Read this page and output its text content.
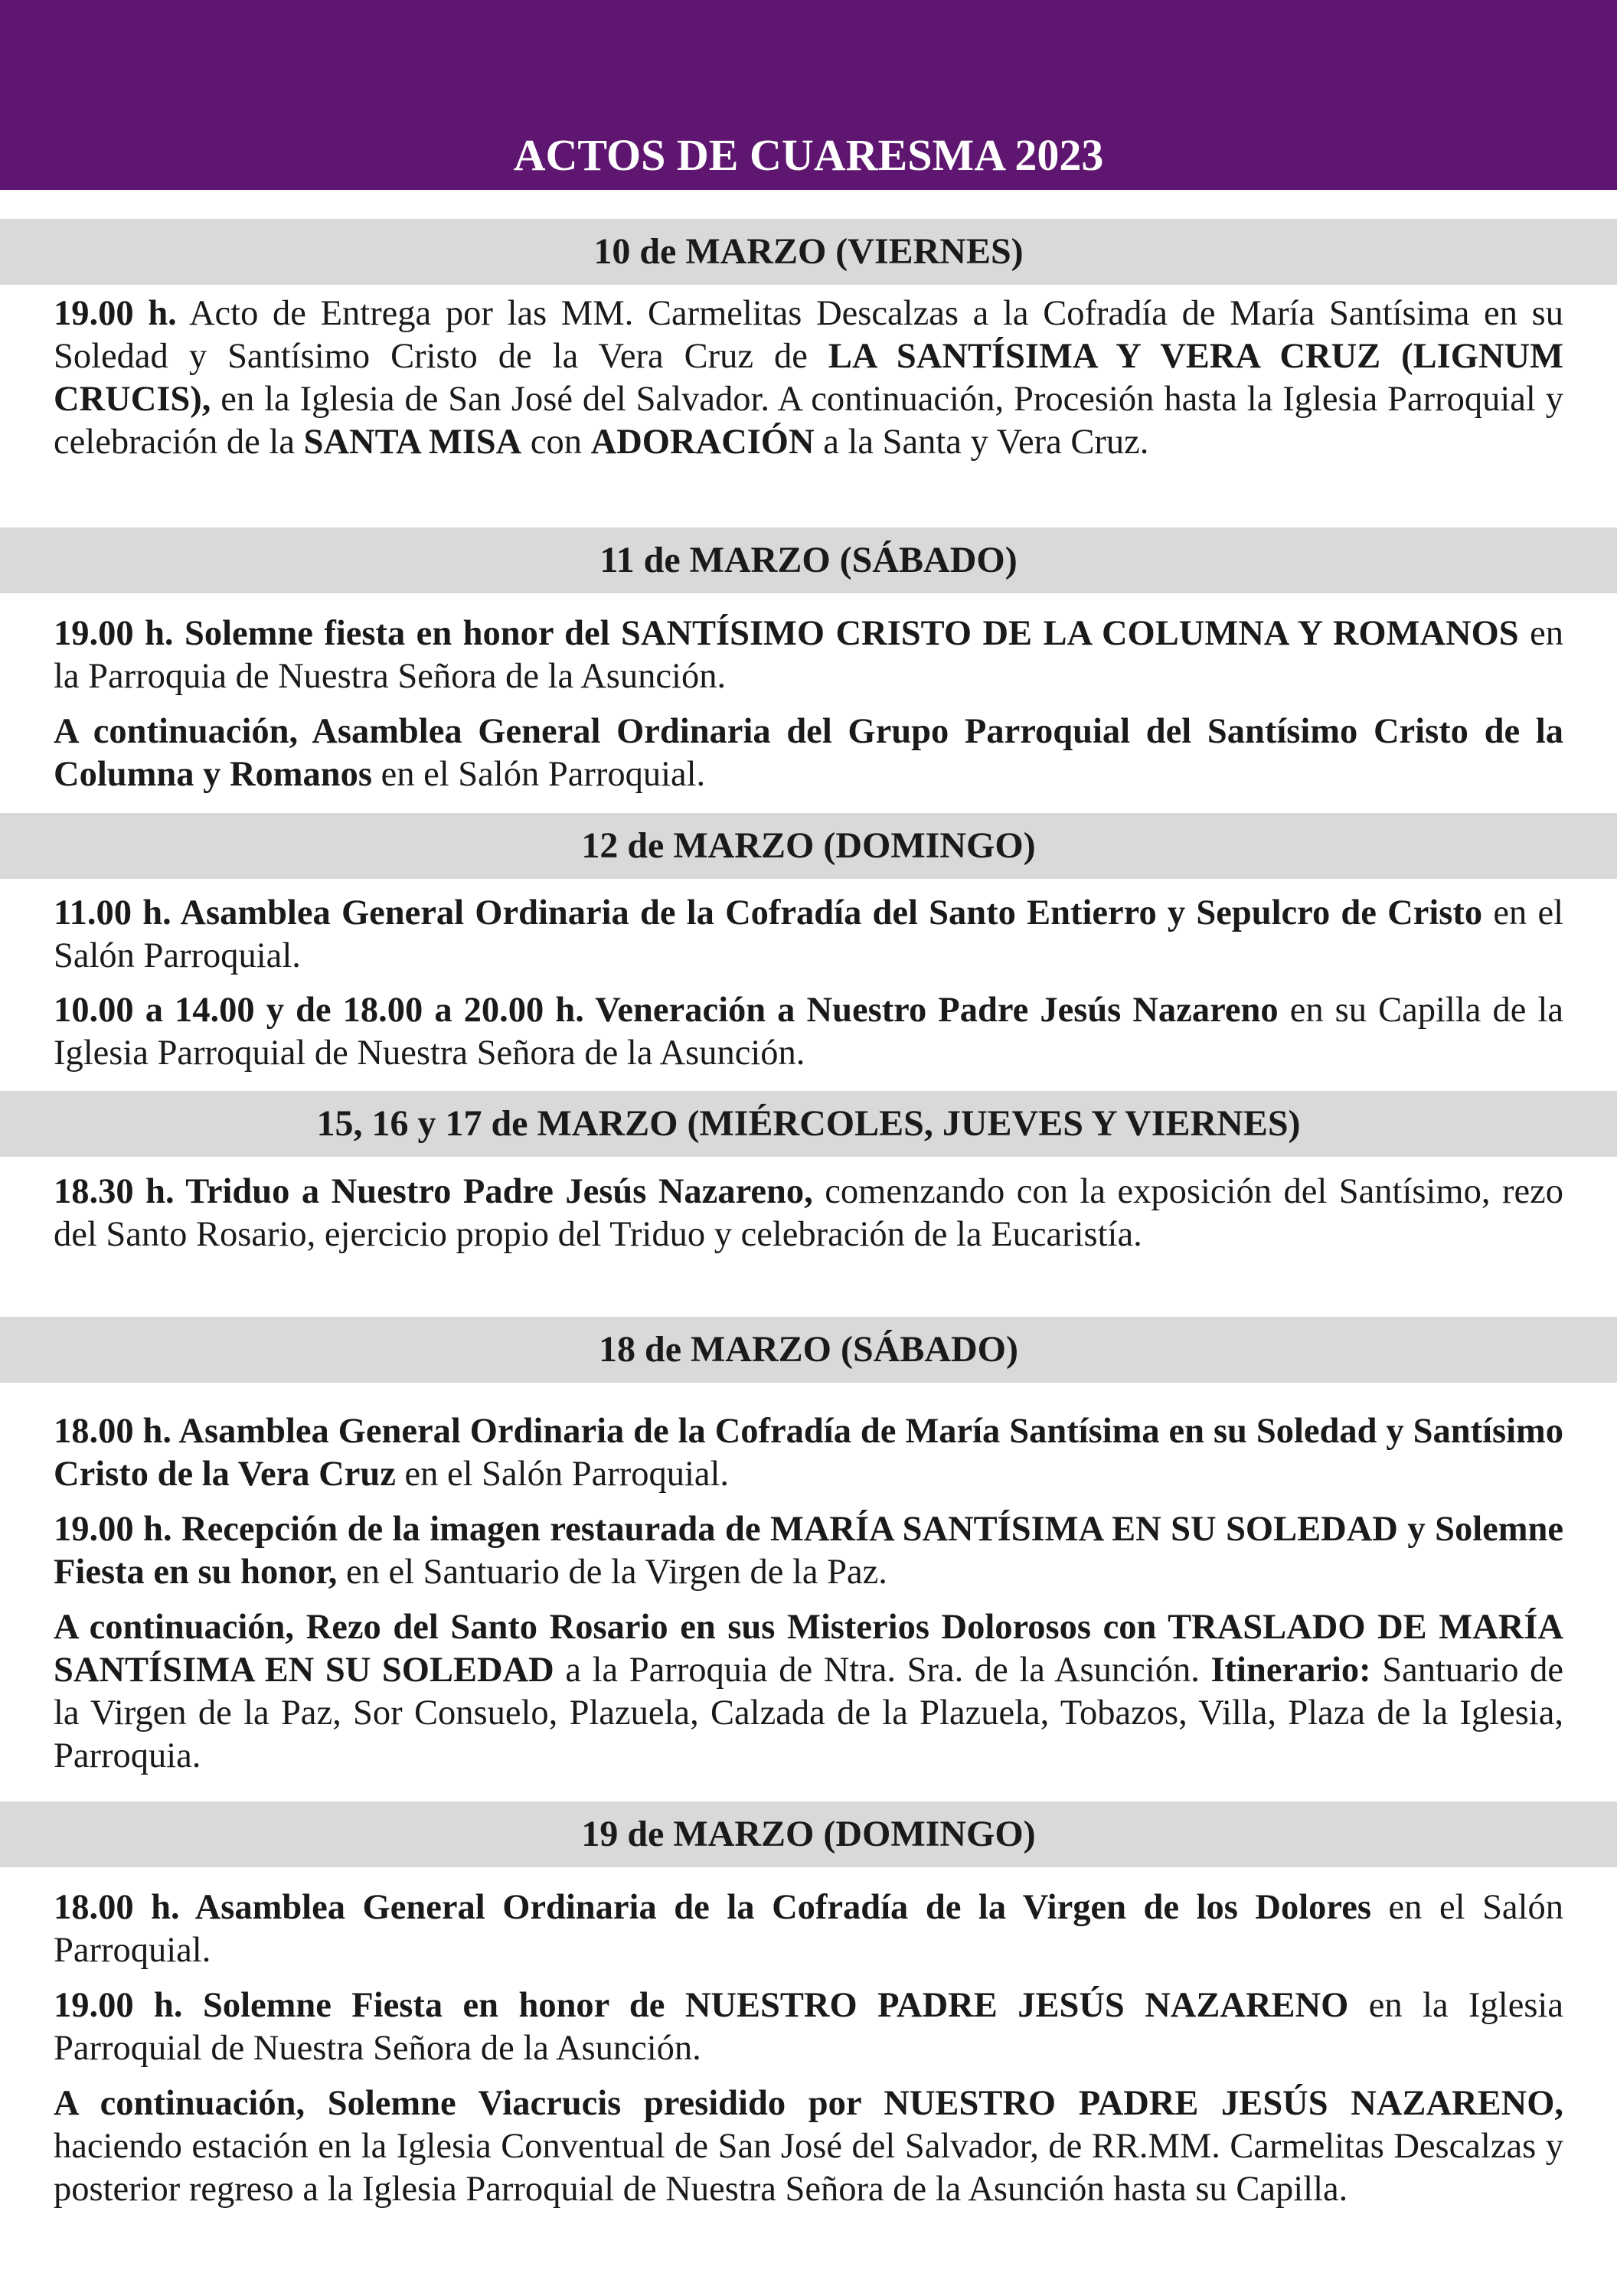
ACTOS DE CUARESMA 2023
10 de MARZO (VIERNES)

19.00 h. Acto de Entrega por las MM. Carmelitas Descalzas a la Cofradía de María Santísima en su Soledad y Santísimo Cristo de la Vera Cruz de LA SANTÍSIMA Y VERA CRUZ (LIGNUM CRUCIS), en la Iglesia de San José del Salvador. A continuación, Procesión hasta la Iglesia Parroquial y celebración de la SANTA MISA con ADORACIÓN a la Santa y Vera Cruz.

11 de MARZO (SÁBADO)

19.00 h. Solemne fiesta en honor del SANTÍSIMO CRISTO DE LA COLUMNA Y ROMANOS en la Parroquia de Nuestra Señora de la Asunción.

A continuación, Asamblea General Ordinaria del Grupo Parroquial del Santísimo Cristo de la Columna y Romanos en el Salón Parroquial.

12 de MARZO (DOMINGO)

11.00 h. Asamblea General Ordinaria de la Cofradía del Santo Entierro y Sepulcro de Cristo en el Salón Parroquial.

10.00 a 14.00 y de 18.00 a 20.00 h. Veneración a Nuestro Padre Jesús Nazareno en su Capilla de la Iglesia Parroquial de Nuestra Señora de la Asunción.

15, 16 y 17 de MARZO (MIÉRCOLES, JUEVES Y VIERNES)

18.30 h. Triduo a Nuestro Padre Jesús Nazareno, comenzando con la exposición del Santísimo, rezo del Santo Rosario, ejercicio propio del Triduo y celebración de la Eucaristía.

18 de MARZO (SÁBADO)

18.00 h. Asamblea General Ordinaria de la Cofradía de María Santísima en su Soledad y Santísimo Cristo de la Vera Cruz en el Salón Parroquial.

19.00 h. Recepción de la imagen restaurada de MARÍA SANTÍSIMA EN SU SOLEDAD y Solemne Fiesta en su honor, en el Santuario de la Virgen de la Paz.

A continuación, Rezo del Santo Rosario en sus Misterios Dolorosos con TRASLADO DE MARÍA SANTÍSIMA EN SU SOLEDAD a la Parroquia de Ntra. Sra. de la Asunción. Itinerario: Santuario de la Virgen de la Paz, Sor Consuelo, Plazuela, Calzada de la Plazuela, Tobazos, Villa, Plaza de la Iglesia, Parroquia.

19 de MARZO (DOMINGO)

18.00 h. Asamblea General Ordinaria de la Cofradía de la Virgen de los Dolores en el Salón Parroquial.

19.00 h. Solemne Fiesta en honor de NUESTRO PADRE JESÚS NAZARENO en la Iglesia Parroquial de Nuestra Señora de la Asunción.

A continuación, Solemne Viacrucis presidido por NUESTRO PADRE JESÚS NAZARENO, haciendo estación en la Iglesia Conventual de San José del Salvador, de RR.MM. Carmelitas Descalzas y posterior regreso a la Iglesia Parroquial de Nuestra Señora de la Asunción hasta su Capilla.
